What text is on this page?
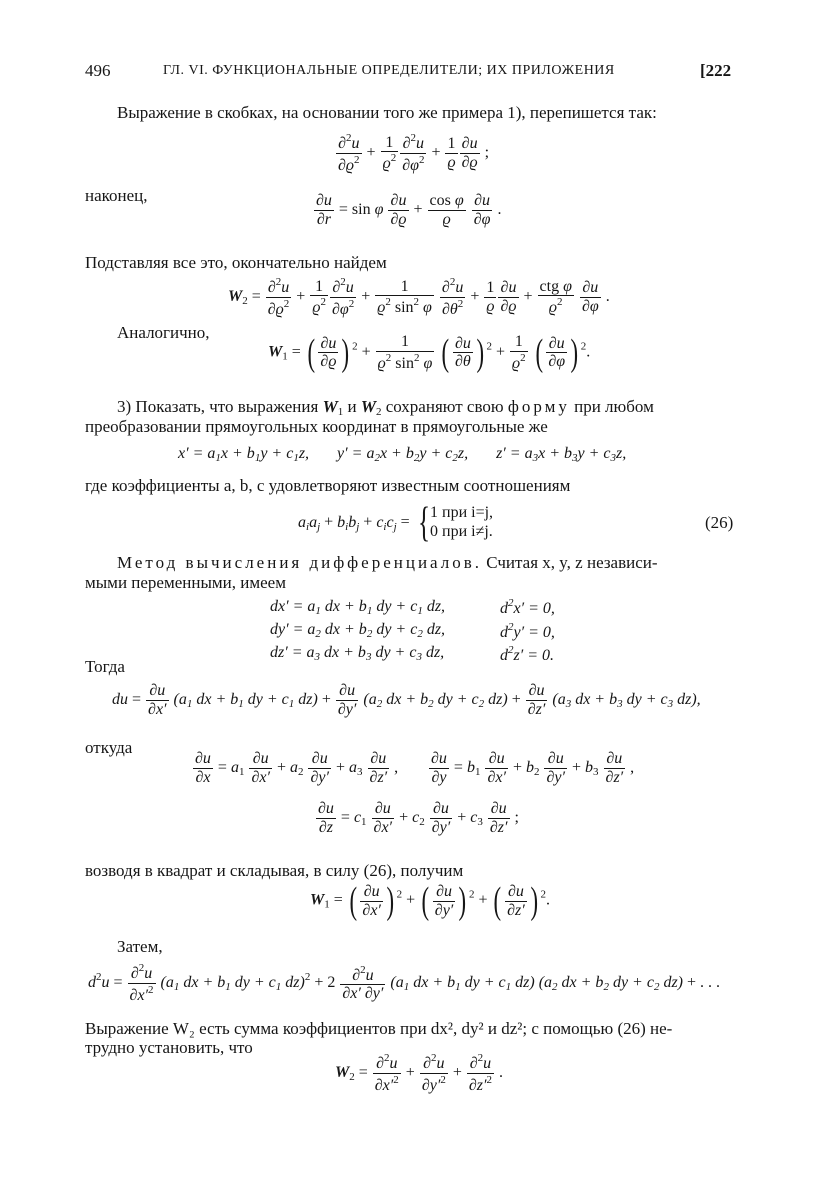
496	ГЛ. VI. ФУНКЦИОНАЛЬНЫЕ ОПРЕДЕЛИТЕЛИ; ИХ ПРИЛОЖЕНИЯ	[222
Выражение в скобках, на основании того же примера 1), перепишется так:
$\frac{\partial^2u}{\partial ϱ^2} + \frac{1}{ϱ^2} \frac{\partial^2u}{\partial\varphi^2} + \frac{1}{ϱ} \frac{\partial u}{\partial ϱ}$ ;
наконец,	$\frac{\partial u}{\partial r} = \sin \varphi \frac{\partial u}{\partial ϱ} + \frac{\text{cos φ}}{ϱ}$
$\frac{\partial u}{\partial\varphi}$ .
Подставляя все это, окончательно найдем
$W_2 = \frac{\partial^2u}{\partial ϱ^2} + \frac{1}{ϱ^2} \frac{\partial^2u}{\partial\varphi^2} + \frac{1}{ϱ^2 \sin^2 \varphi}$
$\frac{\partial^2u}{\partial\theta^2} + \frac{1}{ϱ} \frac{\partial u}{\partial ϱ} + \frac{\text{ctg φ}}{ϱ^2}$
$\frac{\partial u}{\partial\varphi}$ .
Аналогично,
$W_1$ = ( $\frac{\partial u}{\partial ϱ}$ ) $^2 + \frac{1}{ϱ^2 \sin^2 \varphi}$ ( $\frac{\partial u}{\partial\theta}$ ) $^2 + \frac{1}{ϱ^2}$ ( $\frac{\partial u}{\partial\varphi}$ ) $^2$.
3) Показать, что выражения $W_1$ и $W_2$ сохраняют свою форму при любом
преобразовании прямоугольных координат в прямоугольные же
$x' = a_1x + b_1y + c_1z$,       $y' = a_2x + b_2y + c_2z$,       $z' = a_3x + b_3y + c_3z$,
где коэффициенты a, b, c удовлетворяют известным соотношениям
$a_ia_j + b_ib_j + c_ic_j$ = { 1 при i=j,
0 при i≠j.	(26)
Метод вычисления дифференциалов. Считая x, y, z независи-
мыми переменными, имеем
$dx' = a_1$ dx + $b_1$ dy + $c_1$ dz,
$dy' = a_2$ dx + $b_2$ dy + $c_2$ dz,
$dz' = a_3$ dx + $b_3$ dy + $c_3$ dz,
$d^2x' = 0$,
$d^2y' = 0$,
$d^2z' = 0$.
Тогда
du = $\frac{\partial u}{\partial x'} (a_1$ dx + $b_1$ dy + $c_1$ $dz) + \frac{\partial u}{\partial y'} (a_2$ dx + $b_2$ dy + $c_2$ $dz) + \frac{\partial u}{\partial z'} (a_3$ dx + $b_3$ dy + $c_3$ dz),
откуда
$\frac{\partial u}{\partial x} = a_1 \frac{\partial u}{\partial x'} + a_2 \frac{\partial u}{\partial y'} + a_3 \frac{\partial u}{\partial z'}$ , $\frac{\partial u}{\partial y} = b_1 \frac{\partial u}{\partial x'} + b_2 \frac{\partial u}{\partial y'} + b_3 \frac{\partial u}{\partial z'}$ ,
$\frac{\partial u}{\partial z} = c_1 \frac{\partial u}{\partial x'} + c_2 \frac{\partial u}{\partial y'} + c_3 \frac{\partial u}{\partial z'}$ ;
возводя в квадрат и складывая, в силу (26), получим
$W_1$ = ( $\frac{\partial u}{\partial x'}$ ) $^2$ + ( $\frac{\partial u}{\partial y'}$ ) $^2$ + ( $\frac{\partial u}{\partial z'}$ ) $^2$.
Затем,
$d^2u = \frac{\partial^2u}{\partial x'^2} (a_1$ dx + $b_1$ dy + $c_1$ $dz)^2 + 2 \frac{\partial^2u}{\partial x' \partial y'} (a_1$ dx + $b_1$ dy + $c_1$ dz) ($a_2$ dx + $b_2$ dy + $c_2$ dz) + . . .
Выражение W₂ есть сумма коэффициентов при dx², dy² и dz²; с помощью (26) не-
трудно установить, что
$W_2 = \frac{\partial^2u}{\partial x'^2} + \frac{\partial^2u}{\partial y'^2} + \frac{\partial^2u}{\partial z'^2}$ .
